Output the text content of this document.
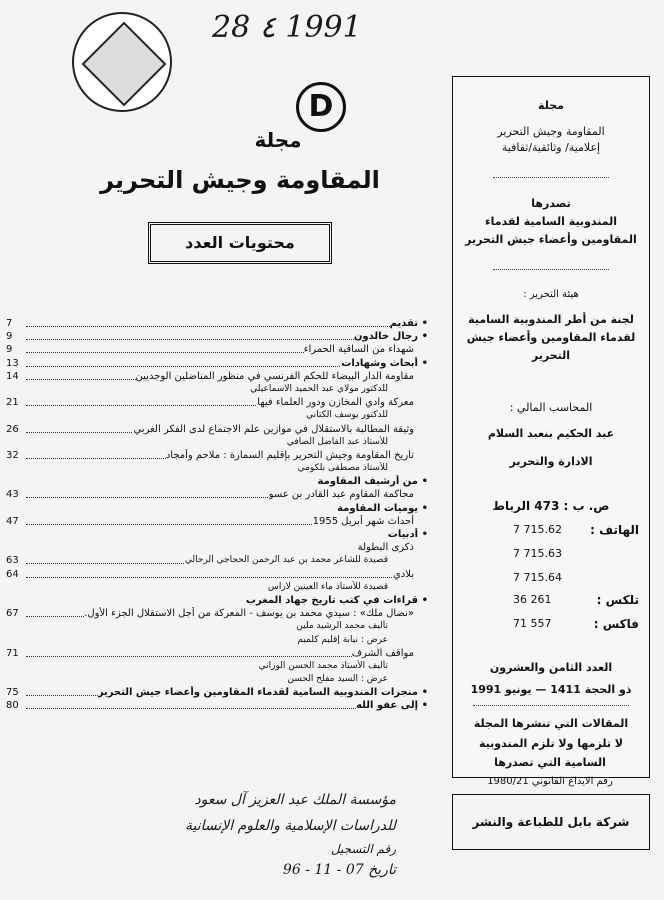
28 ٤ 1991
D
مجلة
المقاومة وجيش التحرير
محتويات العدد
7	تقديم •
9	رجال خالدون •
9	شهداء من الساقية الحمراء
13	أبحاث وشهادات •
14	مقاومة الدار البيضاء للحكم الفرنسي في منظور المناضلين الوجديين
للدكتور مولاي عبد الحميد الاسماعيلي
21	معركة وادي المخازن ودور العلماء فيها
للدكتور يوسف الكتاني
26	وثيقة المطالبة بالاستقلال في موازين علم الاجتماع لدى الفكر الغربي
للأستاذ عبد الفاضل الصافي
32	تاريخ المقاومة وجيش التحرير بإقليم السمارة : ملاحم وأمجاد
للأستاذ مصطفى بلكومي
من أرشيف المقاومة •
43	محاكمة المقاوم عبد القادر بن عسو
يوميات المقاومة •
47	أحداث شهر أبريل 1955
أدبيات •
ذكرى البطولة
63	قصيدة للشاعر محمد بن عبد الرحمن الحجاجي الرحالي
64	بلادي
قصيدة للأستاذ ماء العينين لاراس
قراءات في كتب تاريخ جهاد المغرب •
67	«نضال ملك» : سيدي محمد بن يوسف - المعركة من أجل الاستقلال الجزء الأول.
تأليف محمد الرشيد ملين
عرض : نيابة إقليم كلميم
71	مواقف الشرف
تأليف الأستاذ محمد الحسن الوزاني
عرض : السيد مفلح الحسن
75	منجزات المندوبية السامية لقدماء المقاومين وأعضاء جيش التحرير •
80	إلى عفو الله •
مجلة
المقاومة وجيش التحرير
إعلامية/ وثائقية/ثقافية
تصدرها
المندوبية السامية لقدماء
المقاومين وأعضاء جيش التحرير
هيئة التحرير :
لجنة من أطر المندوبية السامية
لقدماء المقاومين وأعضاء جيش
التحرير
المحاسب المالي :
عبد الحكيم بنعبد السلام
الادارة والتحرير
ص. ب : 473 الرباط
الهاتف :
7 715.62
7 715.63
7 715.64
تلكس :
36 261
فاكس :
71 557
العدد الثامن والعشرون
ذو الحجة 1411 — يونيو 1991
المقالات التي تنشرها المجلة
لا تلزمها ولا تلزم المندوبية
السامية التي تصدرها
رقم الايداع القانوني 1980/21
شركة بابل للطباعة والنشر
مؤسسة الملك عبد العزيز آل سعود
للدراسات الإسلامية والعلوم الإنسانية
رقم التسجيل
تاريخ 07 - 11 - 96
